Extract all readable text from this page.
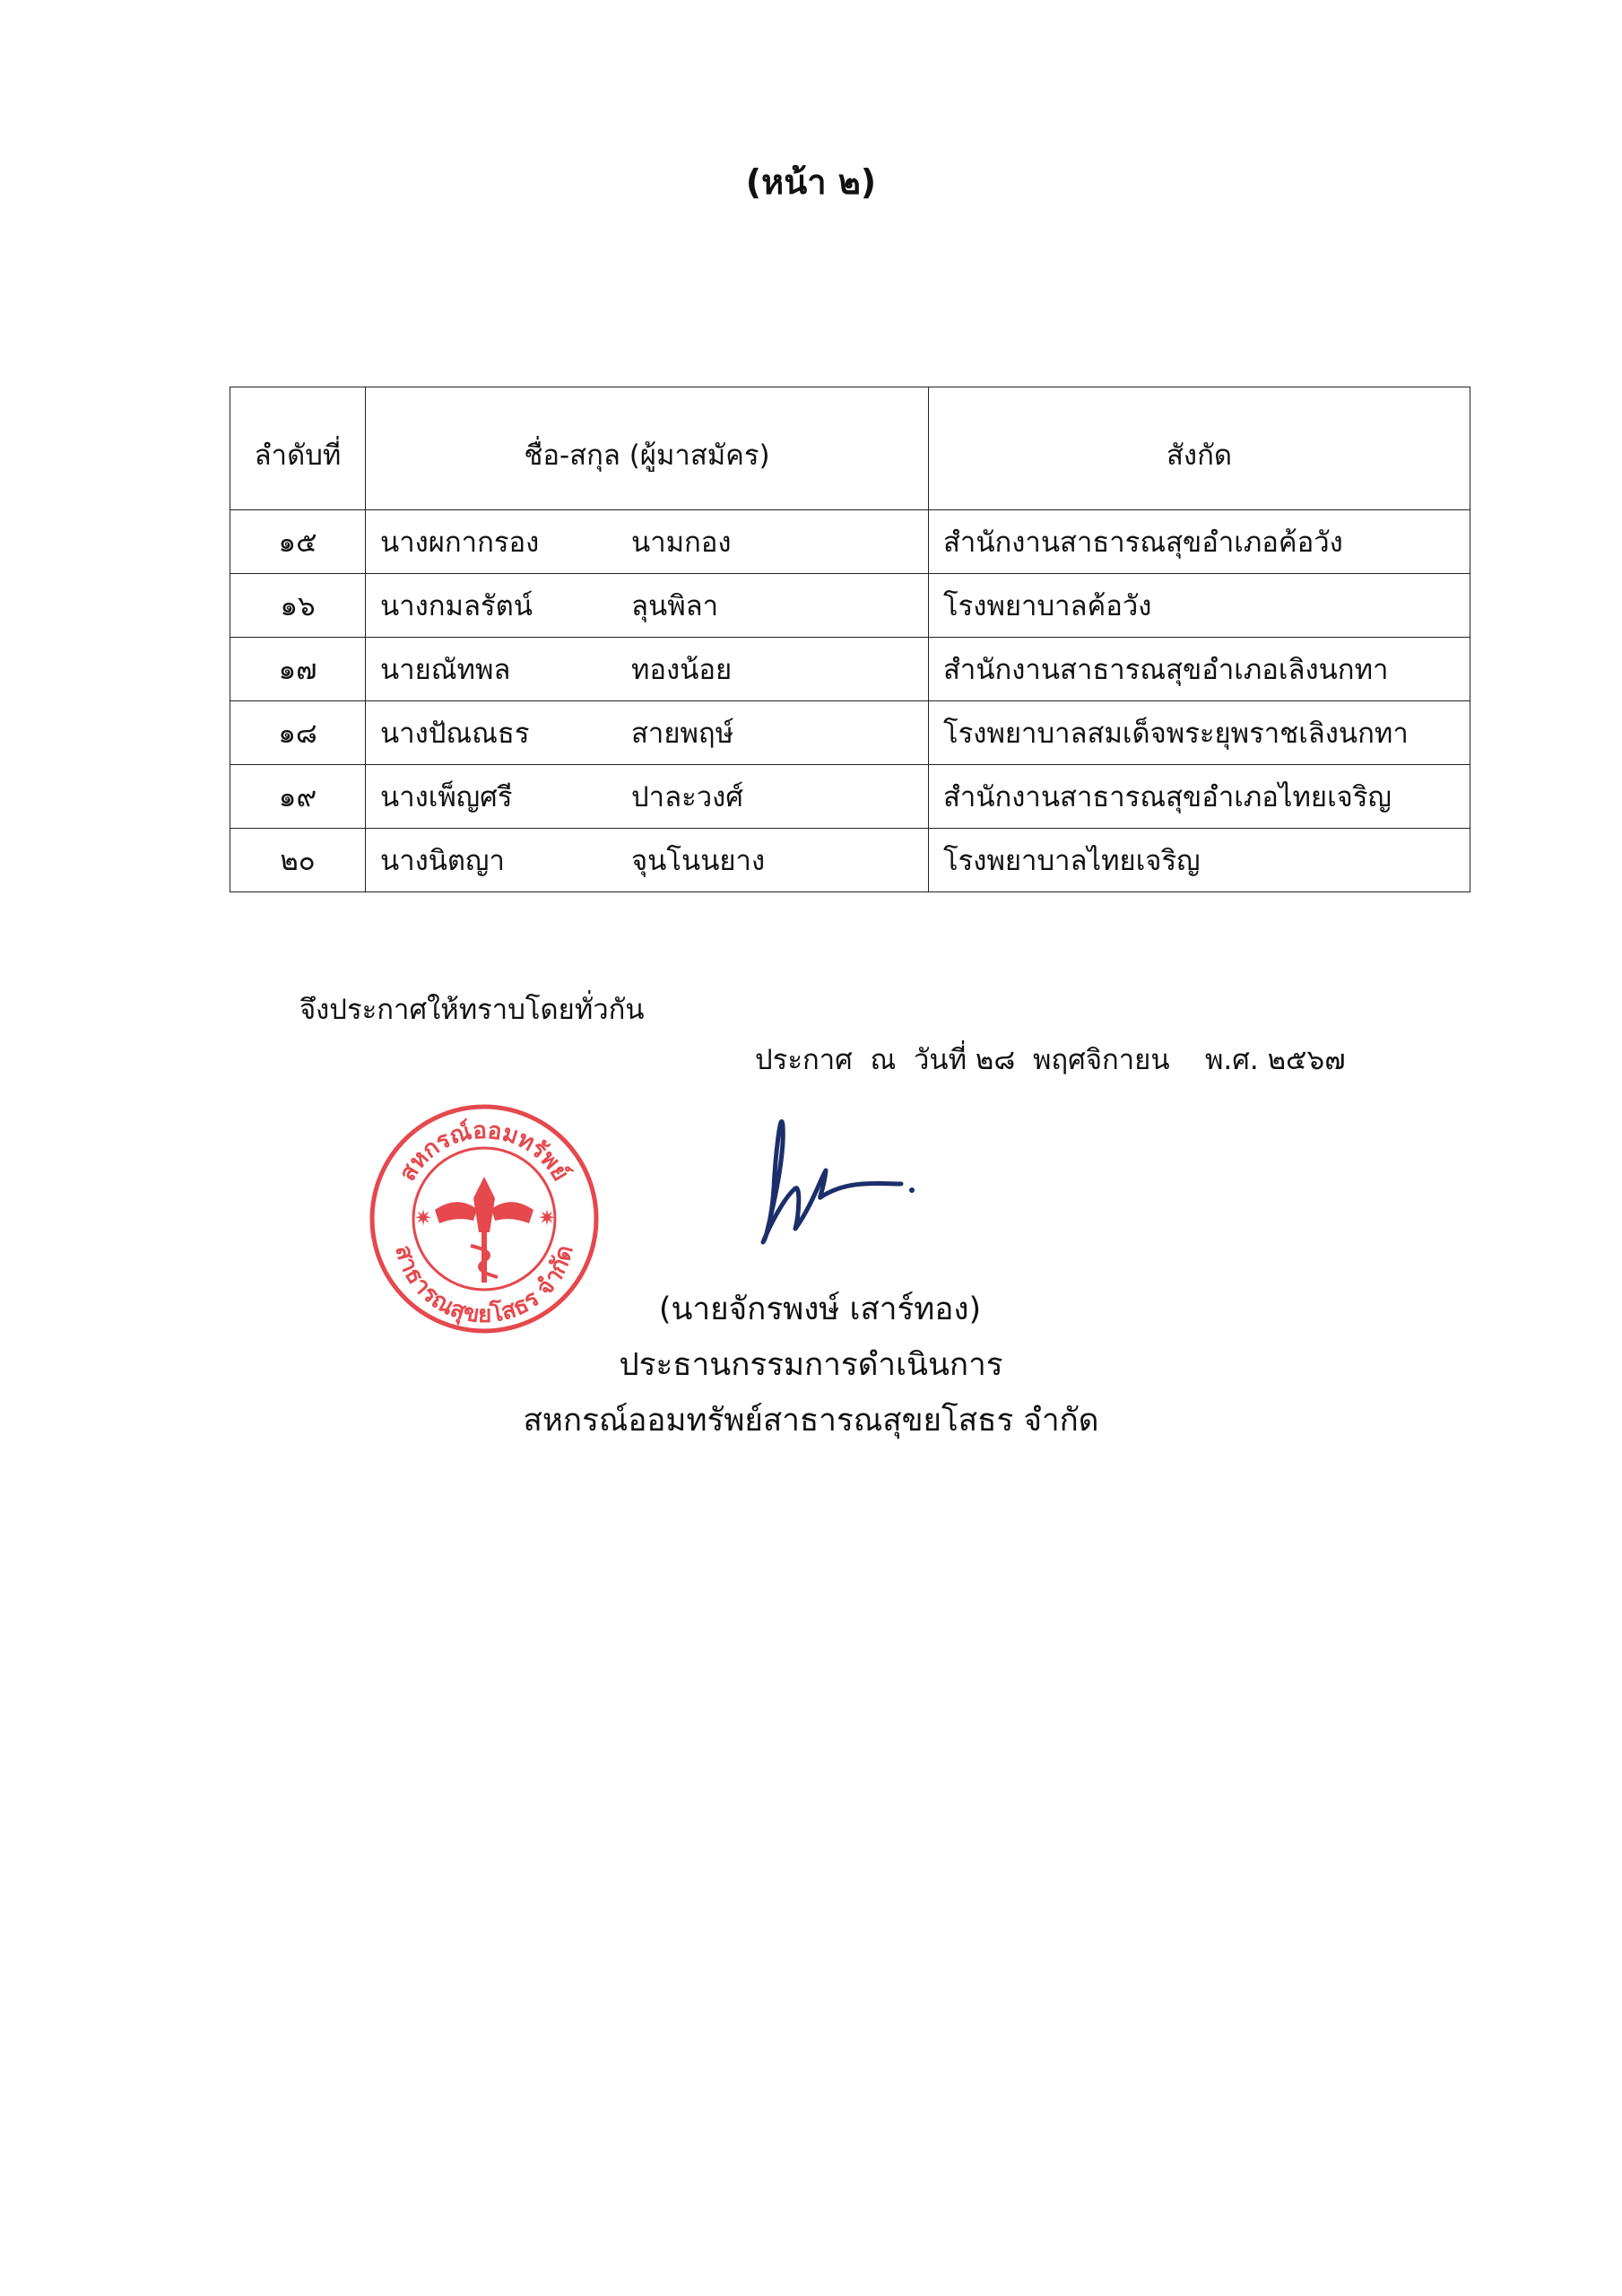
(หน้า ๒)
ลำดับที่	ชื่อ-สกุล (ผู้มาสมัคร)	สังกัด
๑๕	นางผกากรอง นามกอง	สำนักงานสาธารณสุขอำเภอค้อวัง
๑๖	นางกมลรัตน์ ลุนพิลา	โรงพยาบาลค้อวัง
๑๗	นายณัทพล ทองน้อย	สำนักงานสาธารณสุขอำเภอเลิงนกทา
๑๘	นางปัณณธร สายพฤษ์	โรงพยาบาลสมเด็จพระยุพราชเลิงนกทา
๑๙	นางเพ็ญศรี ปาละวงศ์	สำนักงานสาธารณสุขอำเภอไทยเจริญ
๒๐	นางนิตญา จุนโนนยาง	โรงพยาบาลไทยเจริญ
จึงประกาศให้ทราบโดยทั่วกัน
ประกาศ  ณ  วันที่ ๒๘  พฤศจิกายน    พ.ศ. ๒๕๖๗
สหกรณ์ออมทรัพย์
สาธารณสุขยโสธร จำกัด
✷	✷
(นายจักรพงษ์ เสาร์ทอง)
ประธานกรรมการดำเนินการ
สหกรณ์ออมทรัพย์สาธารณสุขยโสธร จำกัด
